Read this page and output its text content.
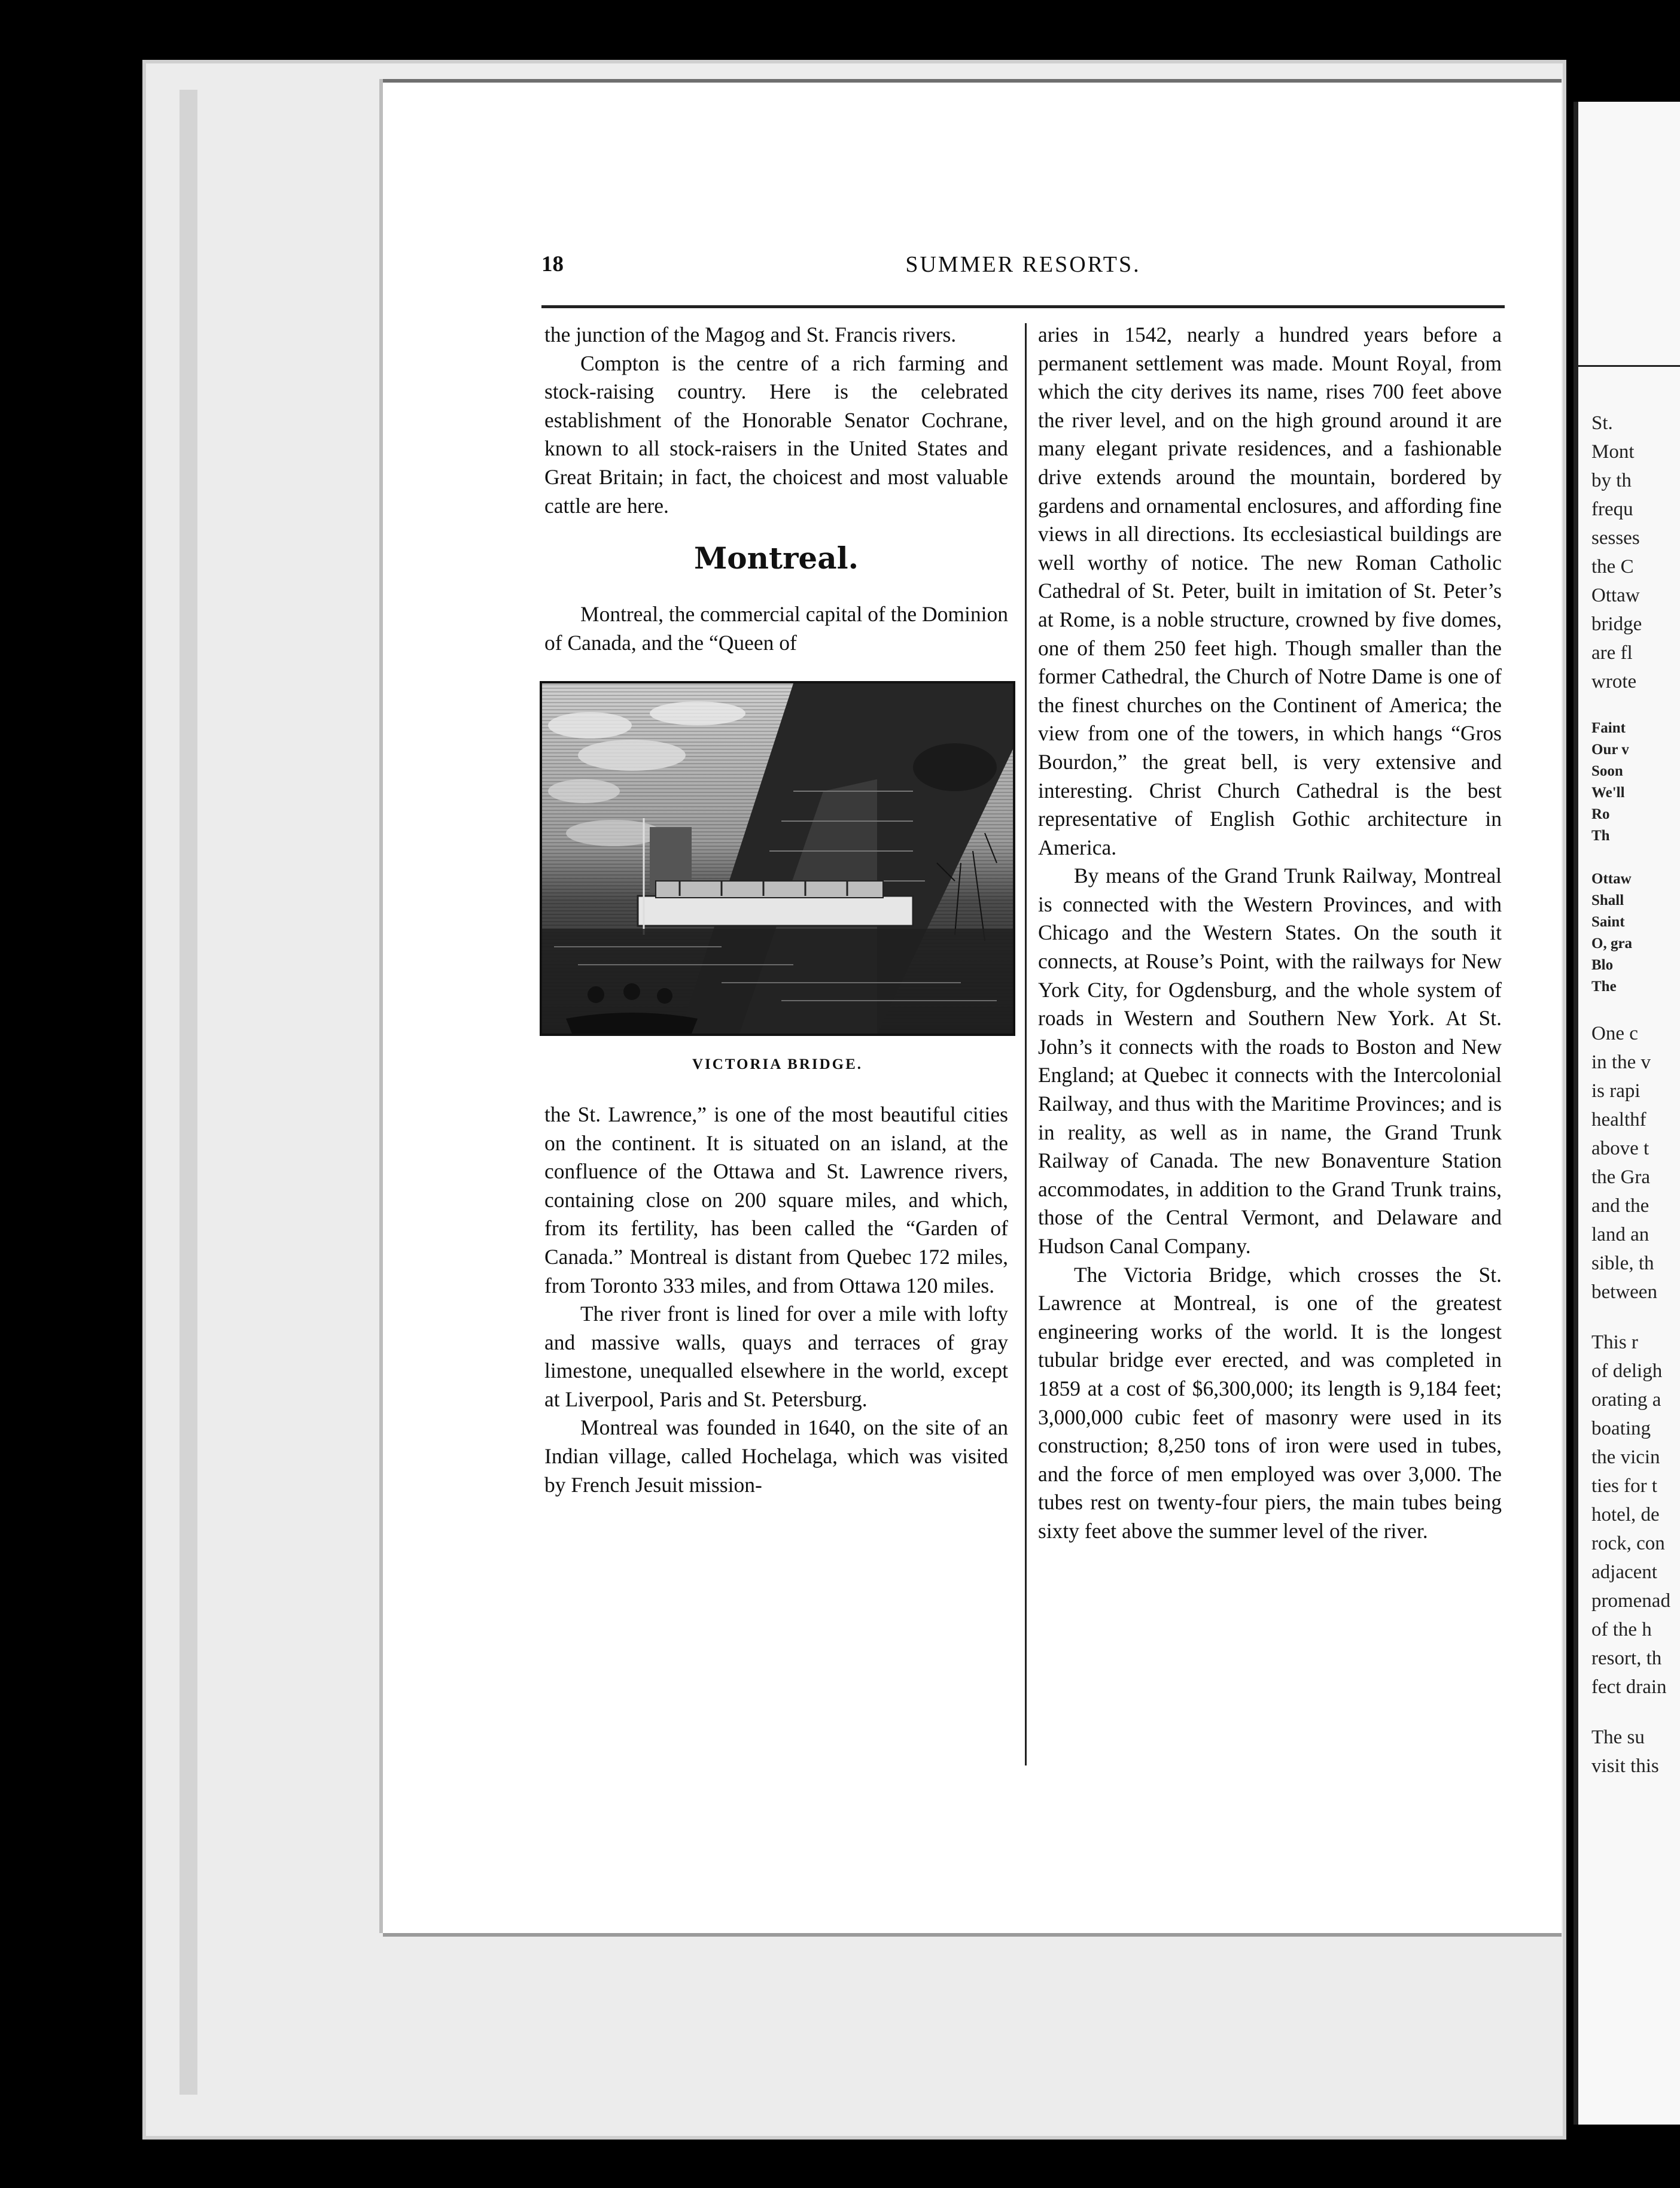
St.
Mont
by th
frequ
sesses
the C
Ottaw
bridge
are fl
wrote
Faint
Our v
Soon
We'll
Ro
Th
Ottaw
Shall
Saint
O, gra
Blo
The
One c
in the v
is rapi
healthf
above t
the Gra
and the
land an
sible, th
between
This r
of deligh
orating a
boating
the vicin
ties for t
hotel, de
rock, con
adjacent
promenad
of the h
resort, th
fect drain
The su
visit this
18	SUMMER RESORTS.

the junction of the Magog and St. Francis rivers.

Compton is the centre of a rich farming and stock-raising country. Here is the celebrated establishment of the Honorable Senator Cochrane, known to all stock-raisers in the United States and Great Britain; in fact, the choicest and most valuable cattle are here.

Montreal.

Montreal, the commercial capital of the Dominion of Canada, and the “Queen of

VICTORIA BRIDGE.

the St. Lawrence,” is one of the most beautiful cities on the continent. It is situated on an island, at the confluence of the Ottawa and St. Lawrence rivers, containing close on 200 square miles, and which, from its fertility, has been called the “Garden of Canada.” Montreal is distant from Quebec 172 miles, from Toronto 333 miles, and from Ottawa 120 miles.

The river front is lined for over a mile with lofty and massive walls, quays and terraces of gray limestone, unequalled elsewhere in the world, except at Liverpool, Paris and St. Petersburg.

Montreal was founded in 1640, on the site of an Indian village, called Hochelaga, which was visited by French Jesuit mission-

aries in 1542, nearly a hundred years before a permanent settlement was made. Mount Royal, from which the city derives its name, rises 700 feet above the river level, and on the high ground around it are many elegant private residences, and a fashionable drive extends around the mountain, bordered by gardens and ornamental enclosures, and affording fine views in all directions. Its ecclesiastical buildings are well worthy of notice. The new Roman Catholic Cathedral of St. Peter, built in imitation of St. Peter’s at Rome, is a noble structure, crowned by five domes, one of them 250 feet high. Though smaller than the former Cathedral, the Church of Notre Dame is one of the finest churches on the Continent of America; the view from one of the towers, in which hangs “Gros Bourdon,” the great bell, is very extensive and interesting. Christ Church Cathedral is the best representative of English Gothic architecture in America.

By means of the Grand Trunk Railway, Montreal is connected with the Western Provinces, and with Chicago and the Western States. On the south it connects, at Rouse’s Point, with the railways for New York City, for Ogdensburg, and the whole system of roads in Western and Southern New York. At St. John’s it connects with the roads to Boston and New England; at Quebec it connects with the Intercolonial Railway, and thus with the Maritime Provinces; and is in reality, as well as in name, the Grand Trunk Railway of Canada. The new Bonaventure Station accommodates, in addition to the Grand Trunk trains, those of the Central Vermont, and Delaware and Hudson Canal Company.

The Victoria Bridge, which crosses the St. Lawrence at Montreal, is one of the greatest engineering works of the world. It is the longest tubular bridge ever erected, and was completed in 1859 at a cost of $6,300,000; its length is 9,184 feet; 3,000,000 cubic feet of masonry were used in its construction; 8,250 tons of iron were used in tubes, and the force of men employed was over 3,000. The tubes rest on twenty-four piers, the main tubes being sixty feet above the summer level of the river.
